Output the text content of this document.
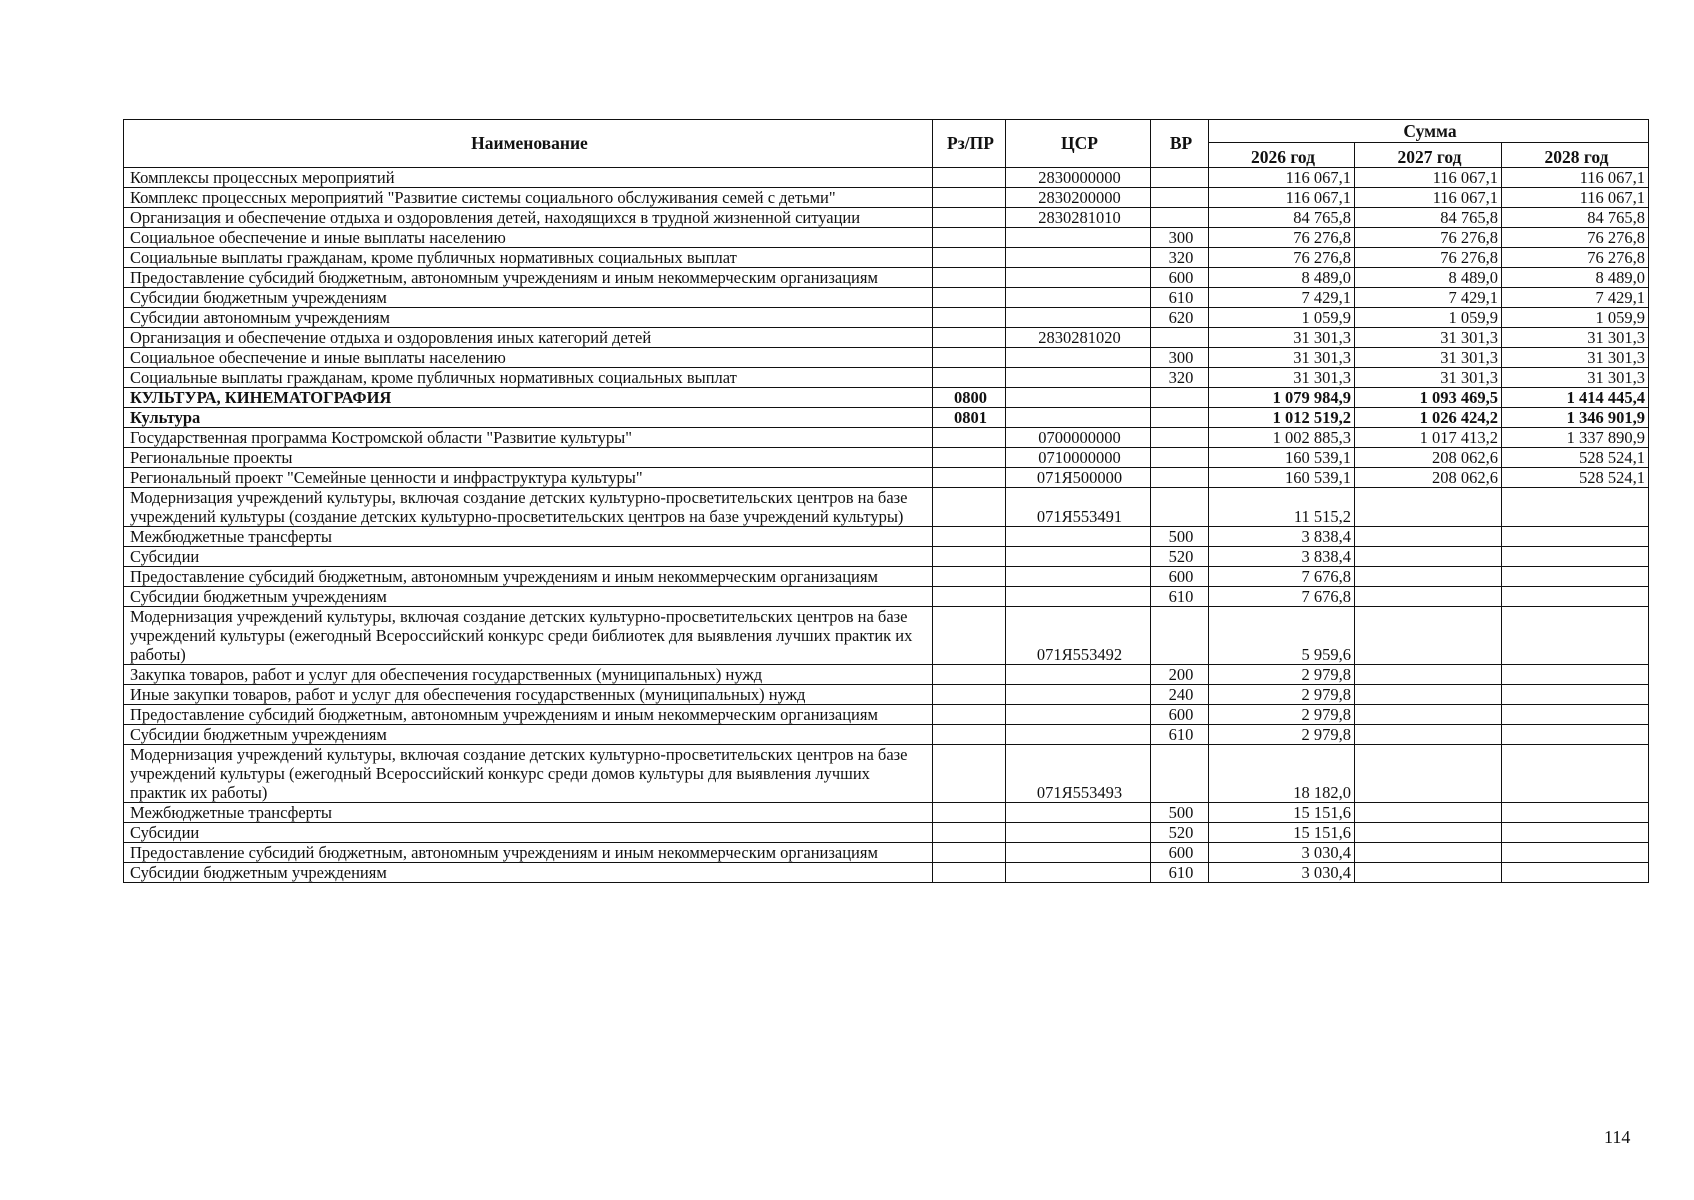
Наименование	Рз/ПР	ЦСР	ВР	Сумма		
				2026 год	2027 год	2028 год
Комплексы процессных мероприятий		2830000000		116 067,1	116 067,1	116 067,1
Комплекс процессных мероприятий "Развитие системы социального обслуживания семей с детьми"		2830200000		116 067,1	116 067,1	116 067,1
Организация и обеспечение отдыха и оздоровления детей, находящихся в трудной жизненной ситуации		2830281010		84 765,8	84 765,8	84 765,8
Социальное обеспечение и иные выплаты населению			300	76 276,8	76 276,8	76 276,8
Социальные выплаты гражданам, кроме публичных нормативных социальных выплат			320	76 276,8	76 276,8	76 276,8
Предоставление субсидий бюджетным, автономным учреждениям и иным некоммерческим организациям			600	8 489,0	8 489,0	8 489,0
Субсидии бюджетным учреждениям			610	7 429,1	7 429,1	7 429,1
Субсидии автономным учреждениям			620	1 059,9	1 059,9	1 059,9
Организация и обеспечение отдыха и оздоровления иных категорий детей		2830281020		31 301,3	31 301,3	31 301,3
Социальное обеспечение и иные выплаты населению			300	31 301,3	31 301,3	31 301,3
Социальные выплаты гражданам, кроме публичных нормативных социальных выплат			320	31 301,3	31 301,3	31 301,3
КУЛЬТУРА, КИНЕМАТОГРАФИЯ	0800			1 079 984,9	1 093 469,5	1 414 445,4
Культура	0801			1 012 519,2	1 026 424,2	1 346 901,9
Государственная программа Костромской области "Развитие культуры"		0700000000		1 002 885,3	1 017 413,2	1 337 890,9
Региональные проекты		0710000000		160 539,1	208 062,6	528 524,1
Региональный проект "Семейные ценности и инфраструктура культуры"		071Я500000		160 539,1	208 062,6	528 524,1
Модернизация учреждений культуры, включая создание детских культурно-просветительских центров на базе учреждений культуры (создание детских культурно-просветительских центров на базе учреждений культуры)		071Я553491		11 515,2		
Межбюджетные трансферты			500	3 838,4		
Субсидии			520	3 838,4		
Предоставление субсидий бюджетным, автономным учреждениям и иным некоммерческим организациям			600	7 676,8		
Субсидии бюджетным учреждениям			610	7 676,8		
Модернизация учреждений культуры, включая создание детских культурно-просветительских центров на базе учреждений культуры (ежегодный Всероссийский конкурс среди библиотек для выявления лучших практик их работы)		071Я553492		5 959,6		
Закупка товаров, работ и услуг для обеспечения государственных (муниципальных) нужд			200	2 979,8		
Иные закупки товаров, работ и услуг для обеспечения государственных (муниципальных) нужд			240	2 979,8		
Предоставление субсидий бюджетным, автономным учреждениям и иным некоммерческим организациям			600	2 979,8		
Субсидии бюджетным учреждениям			610	2 979,8		
Модернизация учреждений культуры, включая создание детских культурно-просветительских центров на базе учреждений культуры (ежегодный Всероссийский конкурс среди домов культуры для выявления лучших практик их работы)		071Я553493		18 182,0		
Межбюджетные трансферты			500	15 151,6		
Субсидии			520	15 151,6		
Предоставление субсидий бюджетным, автономным учреждениям и иным некоммерческим организациям			600	3 030,4		
Субсидии бюджетным учреждениям			610	3 030,4		
114
